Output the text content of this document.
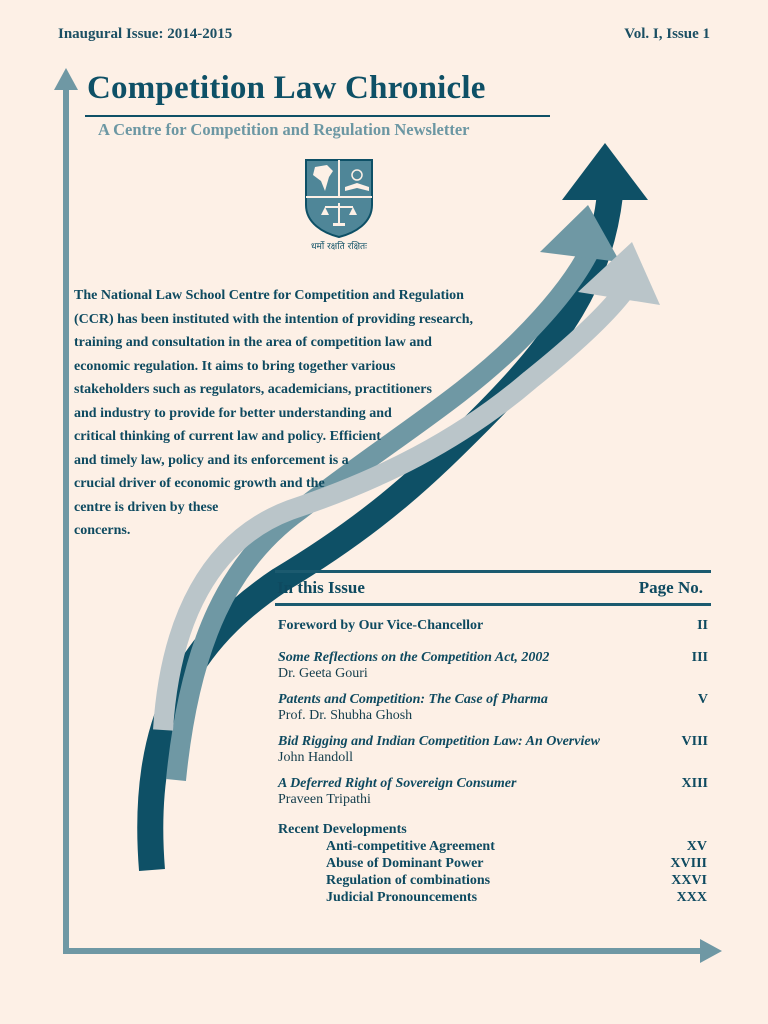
Inaugural Issue: 2014-2015	Vol. I, Issue 1
Competition Law Chronicle
A Centre for Competition and Regulation Newsletter
धर्मो रक्षति रक्षितः
The National Law School Centre for Competition and Regulation
(CCR) has been instituted with the intention of providing research,
training and consultation in the area of competition law and
economic regulation. It aims to bring together various
stakeholders such as regulators, academicians, practitioners
and industry to provide for better understanding and
critical thinking of current law and policy. Efficient
and timely law, policy and its enforcement is a
crucial driver of economic growth and the
centre is driven by these
concerns.
In this Issue	Page No.
Foreword by Our Vice-Chancellor	II
Some Reflections on the Competition Act, 2002	III
Dr. Geeta Gouri
Patents and Competition: The Case of Pharma	V
Prof. Dr. Shubha Ghosh
Bid Rigging and Indian Competition Law: An Overview	VIII
John Handoll
A Deferred Right of Sovereign Consumer	XIII
Praveen Tripathi
Recent Developments
Anti-competitive Agreement	XV
Abuse of Dominant Power	XVIII
Regulation of combinations	XXVI
Judicial Pronouncements	XXX
